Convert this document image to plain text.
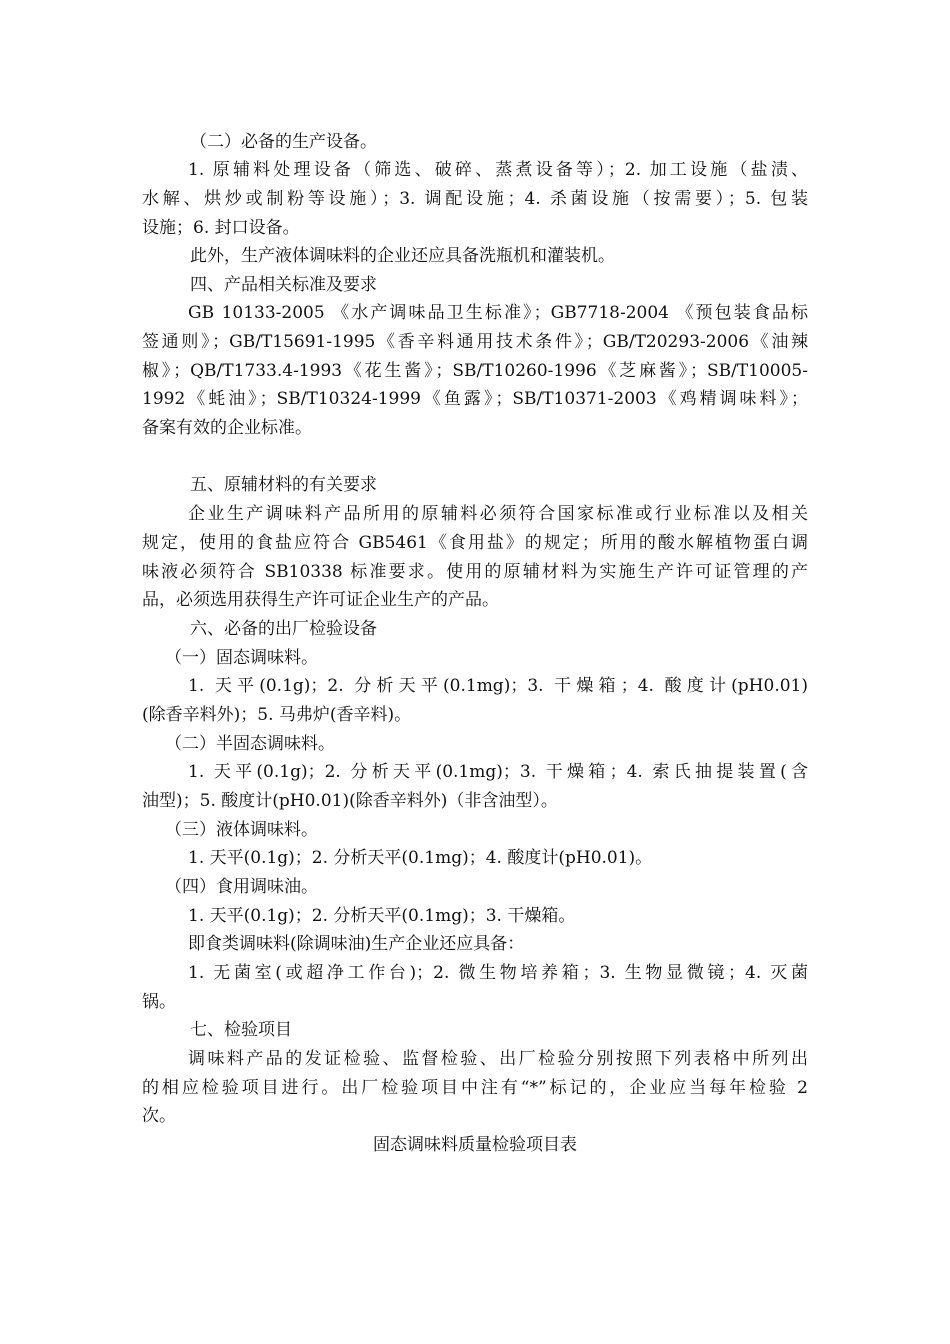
（二）必备的生产设备。
1. 原辅料处理设备（筛选、破碎、蒸煮设备等）；2. 加工设施（盐渍、
水解、烘炒或制粉等设施）；3. 调配设施；4. 杀菌设施（按需要）；5. 包装
设施；6. 封口设备。
此外，生产液体调味料的企业还应具备洗瓶机和灌装机。
四、产品相关标准及要求
GB 10133-2005 《水产调味品卫生标准》；GB7718-2004 《预包装食品标
签通则》；GB/T15691-1995《香辛料通用技术条件》；GB/T20293-2006《油辣
椒》；QB/T1733.4-1993《花生酱》；SB/T10260-1996《芝麻酱》；SB/T10005-
1992《蚝油》；SB/T10324-1999《鱼露》；SB/T10371-2003《鸡精调味料》；
备案有效的企业标准。
五、原辅材料的有关要求
企业生产调味料产品所用的原辅料必须符合国家标准或行业标准以及相关
规定，使用的食盐应符合 GB5461《食用盐》的规定；所用的酸水解植物蛋白调
味液必须符合 SB10338 标准要求。使用的原辅材料为实施生产许可证管理的产
品，必须选用获得生产许可证企业生产的产品。
六、必备的出厂检验设备
（一）固态调味料。
1. 天平(0.1g)；2. 分析天平(0.1mg)；3. 干燥箱；4. 酸度计(pH0.01)
(除香辛料外)；5. 马弗炉(香辛料)。
（二）半固态调味料。
1. 天平(0.1g)；2. 分析天平(0.1mg)；3. 干燥箱；4. 索氏抽提装置(含
油型)；5. 酸度计(pH0.01)(除香辛料外)（非含油型）。
（三）液体调味料。
1. 天平(0.1g)；2. 分析天平(0.1mg)；4. 酸度计(pH0.01)。
（四）食用调味油。
1. 天平(0.1g)；2. 分析天平(0.1mg)；3. 干燥箱。
即食类调味料(除调味油)生产企业还应具备：
1. 无菌室(或超净工作台)；2. 微生物培养箱；3. 生物显微镜；4. 灭菌
锅。
七、检验项目
调味料产品的发证检验、监督检验、出厂检验分别按照下列表格中所列出
的相应检验项目进行。出厂检验项目中注有“*”标记的，企业应当每年检验 2
次。
固态调味料质量检验项目表
